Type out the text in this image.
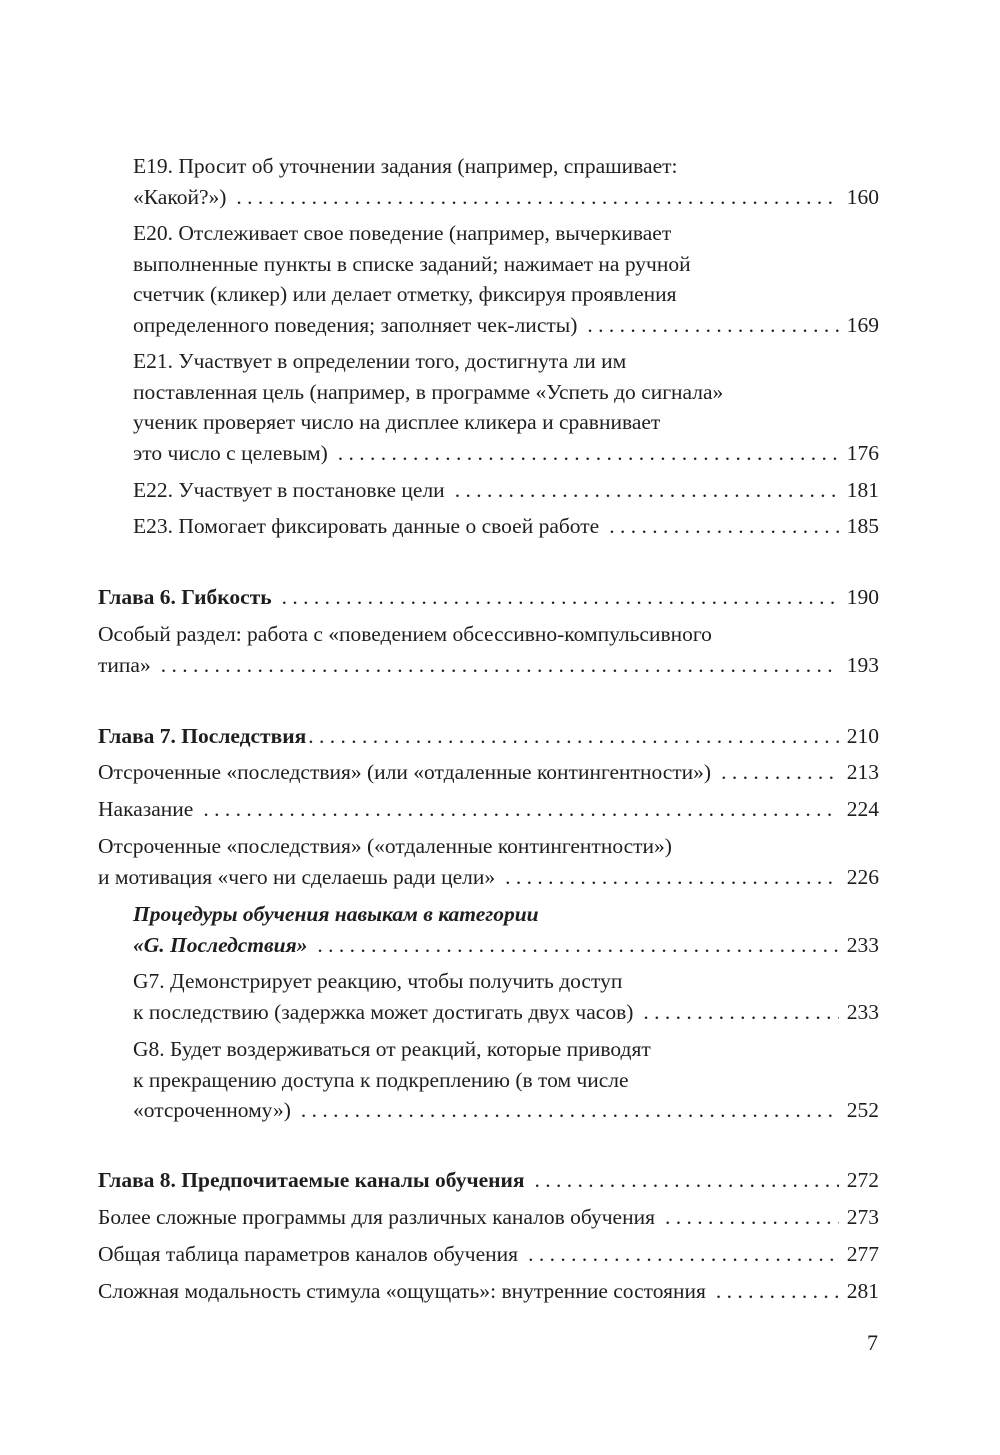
E19. Просит об уточнении задания (например, спрашивает:
«Какой?») . . .	160
E20. Отслеживает свое поведение (например, вычеркивает
выполненные пункты в списке заданий; нажимает на ручной
счетчик (кликер) или делает отметку, фиксируя проявления
определенного поведения; заполняет чек-листы) . . .	169
E21. Участвует в определении того, достигнута ли им
поставленная цель (например, в программе «Успеть до сигнала»
ученик проверяет число на дисплее кликера и сравнивает
это число с целевым) . . .	176
E22. Участвует в постановке цели . . .	181
E23. Помогает фиксировать данные о своей работе . . .	185
Глава 6. Гибкость . . .	190
Особый раздел: работа с «поведением обсессивно-компульсивного
типа» . . .	193
Глава 7. Последствия . . .	210
Отсроченные «последствия» (или «отдаленные контингентности») . . .	213
Наказание . . .	224
Отсроченные «последствия» («отдаленные контингентности»)
и мотивация «чего ни сделаешь ради цели» . . .	226
Процедуры обучения навыкам в категории
«G. Последствия» . . .	233
G7. Демонстрирует реакцию, чтобы получить доступ
к последствию (задержка может достигать двух часов) . . .	233
G8. Будет воздерживаться от реакций, которые приводят
к прекращению доступа к подкреплению (в том числе
«отсроченному») . . .	252
Глава 8. Предпочитаемые каналы обучения . . .	272
Более сложные программы для различных каналов обучения . . .	273
Общая таблица параметров каналов обучения . . .	277
Сложная модальность стимула «ощущать»: внутренние состояния . . .	281
7
